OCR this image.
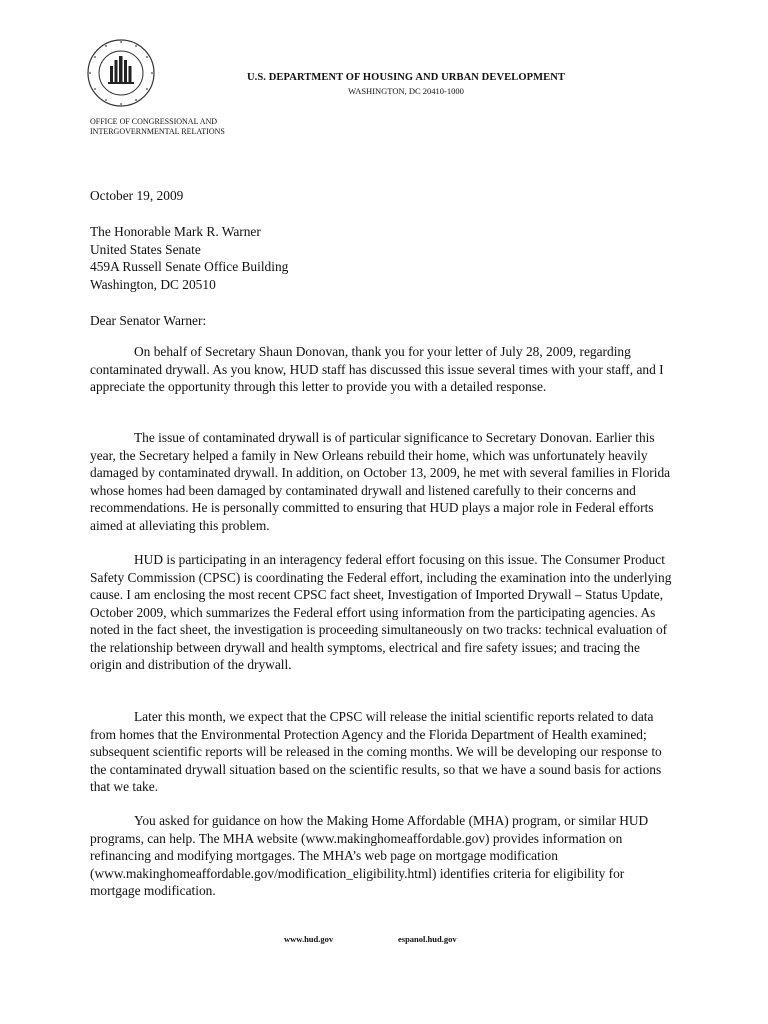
U.S. DEPARTMENT OF HOUSING AND URBAN DEVELOPMENT
WASHINGTON, DC 20410-1000
OFFICE OF CONGRESSIONAL AND
INTERGOVERNMENTAL RELATIONS
October 19, 2009
The Honorable Mark R. Warner
United States Senate
459A Russell Senate Office Building
Washington, DC 20510
Dear Senator Warner:

On behalf of Secretary Shaun Donovan, thank you for your letter of July 28, 2009, regarding contaminated drywall. As you know, HUD staff has discussed this issue several times with your staff, and I appreciate the opportunity through this letter to provide you with a detailed response.

The issue of contaminated drywall is of particular significance to Secretary Donovan. Earlier this year, the Secretary helped a family in New Orleans rebuild their home, which was unfortunately heavily damaged by contaminated drywall. In addition, on October 13, 2009, he met with several families in Florida whose homes had been damaged by contaminated drywall and listened carefully to their concerns and recommendations. He is personally committed to ensuring that HUD plays a major role in Federal efforts aimed at alleviating this problem.

HUD is participating in an interagency federal effort focusing on this issue. The Consumer Product Safety Commission (CPSC) is coordinating the Federal effort, including the examination into the underlying cause. I am enclosing the most recent CPSC fact sheet, Investigation of Imported Drywall – Status Update, October 2009, which summarizes the Federal effort using information from the participating agencies. As noted in the fact sheet, the investigation is proceeding simultaneously on two tracks: technical evaluation of the relationship between drywall and health symptoms, electrical and fire safety issues; and tracing the origin and distribution of the drywall.

Later this month, we expect that the CPSC will release the initial scientific reports related to data from homes that the Environmental Protection Agency and the Florida Department of Health examined; subsequent scientific reports will be released in the coming months. We will be developing our response to the contaminated drywall situation based on the scientific results, so that we have a sound basis for actions that we take.

You asked for guidance on how the Making Home Affordable (MHA) program, or similar HUD programs, can help. The MHA website (www.makinghomeaffordable.gov) provides information on refinancing and modifying mortgages. The MHA’s web page on mortgage modification (www.makinghomeaffordable.gov/modification_eligibility.html) identifies criteria for eligibility for mortgage modification.

www.hud.gov	espanol.hud.gov
